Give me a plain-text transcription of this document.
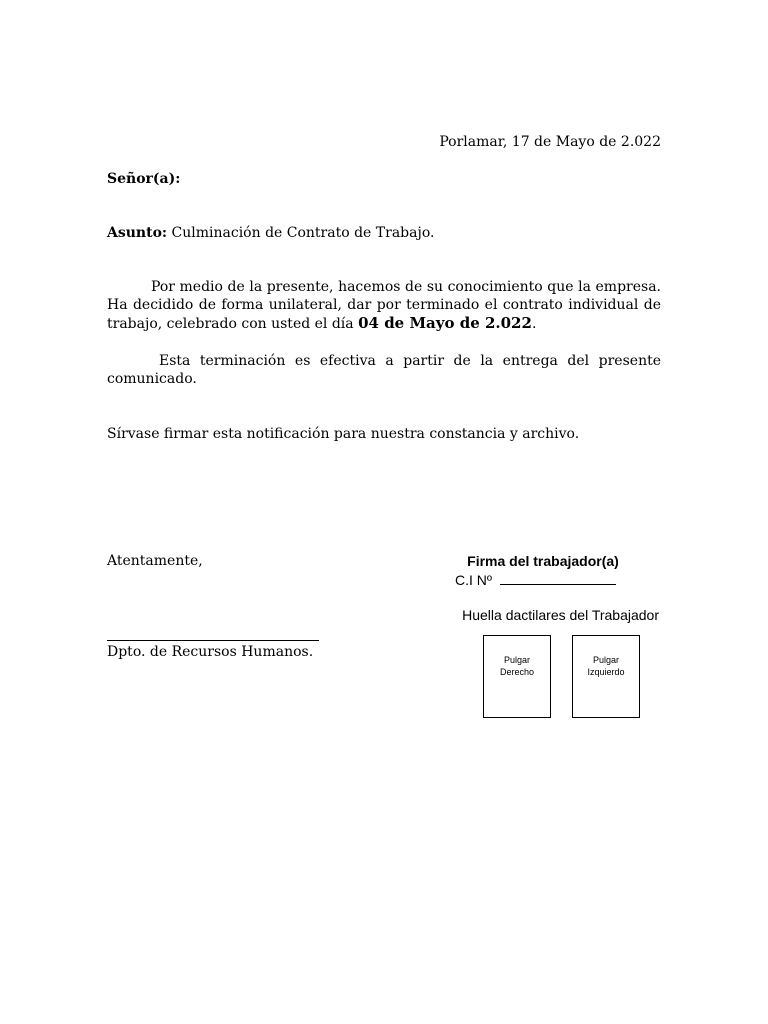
Porlamar, 17 de Mayo de 2.022
Señor(a):
Asunto: Culminación de Contrato de Trabajo.
Por medio de la presente, hacemos de su conocimiento que la empresa. Ha decidido de forma unilateral, dar por terminado el contrato individual de trabajo, celebrado con usted el día 04 de Mayo de 2.022.
Esta terminación es efectiva a partir de la entrega del presente comunicado.
Sírvase firmar esta notificación para nuestra constancia y archivo.
Atentamente,
Dpto. de Recursos Humanos.
Firma del trabajador(a)
C.I Nº
Huella dactilares del Trabajador
Pulgar
Derecho
Pulgar
Izquierdo
